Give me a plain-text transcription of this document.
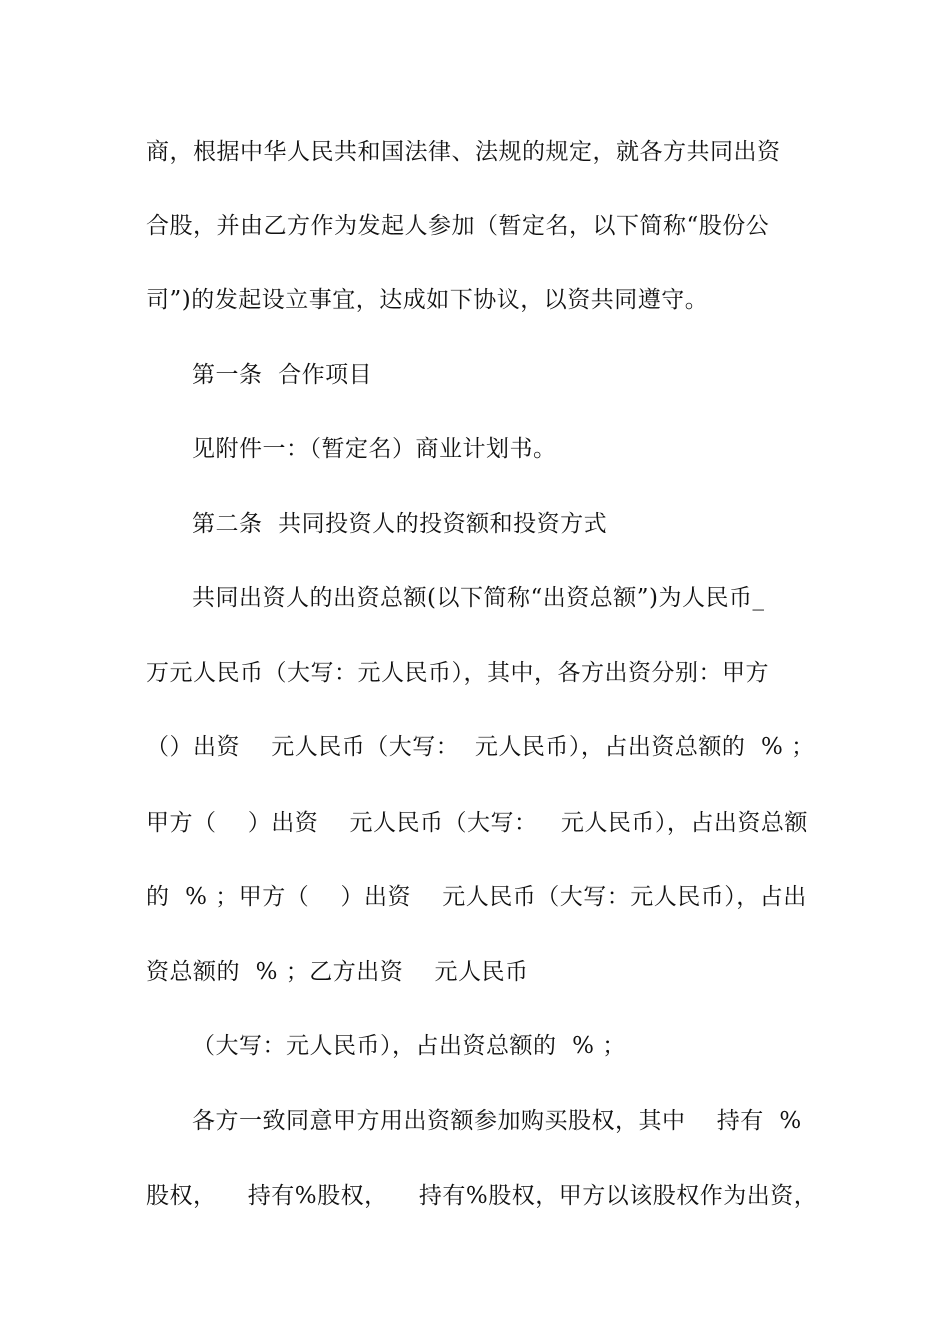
商，根据中华人民共和国法律、法规的规定，就各方共同出资
合股，并由乙方作为发起人参加（暂定名，以下简称“股份公
司”)的发起设立事宜，达成如下协议，以资共同遵守。
第一条  合作项目
见附件一：（暂定名）商业计划书。
第二条  共同投资人的投资额和投资方式
共同出资人的出资总额(以下简称“出资总额”)为人民币_
万元人民币（大写：元人民币），其中，各方出资分别：甲方
（）出资    元人民币（大写：  元人民币），占出资总额的  % ；
甲方（    ）出资    元人民币（大写：   元人民币），占出资总额
的  % ；甲方（    ）出资    元人民币（大写：元人民币），占出
资总额的  % ；乙方出资    元人民币
（大写：元人民币），占出资总额的  % ；
各方一致同意甲方用出资额参加购买股权，其中    持有  %
股权，    持有%股权，    持有%股权，甲方以该股权作为出资，
